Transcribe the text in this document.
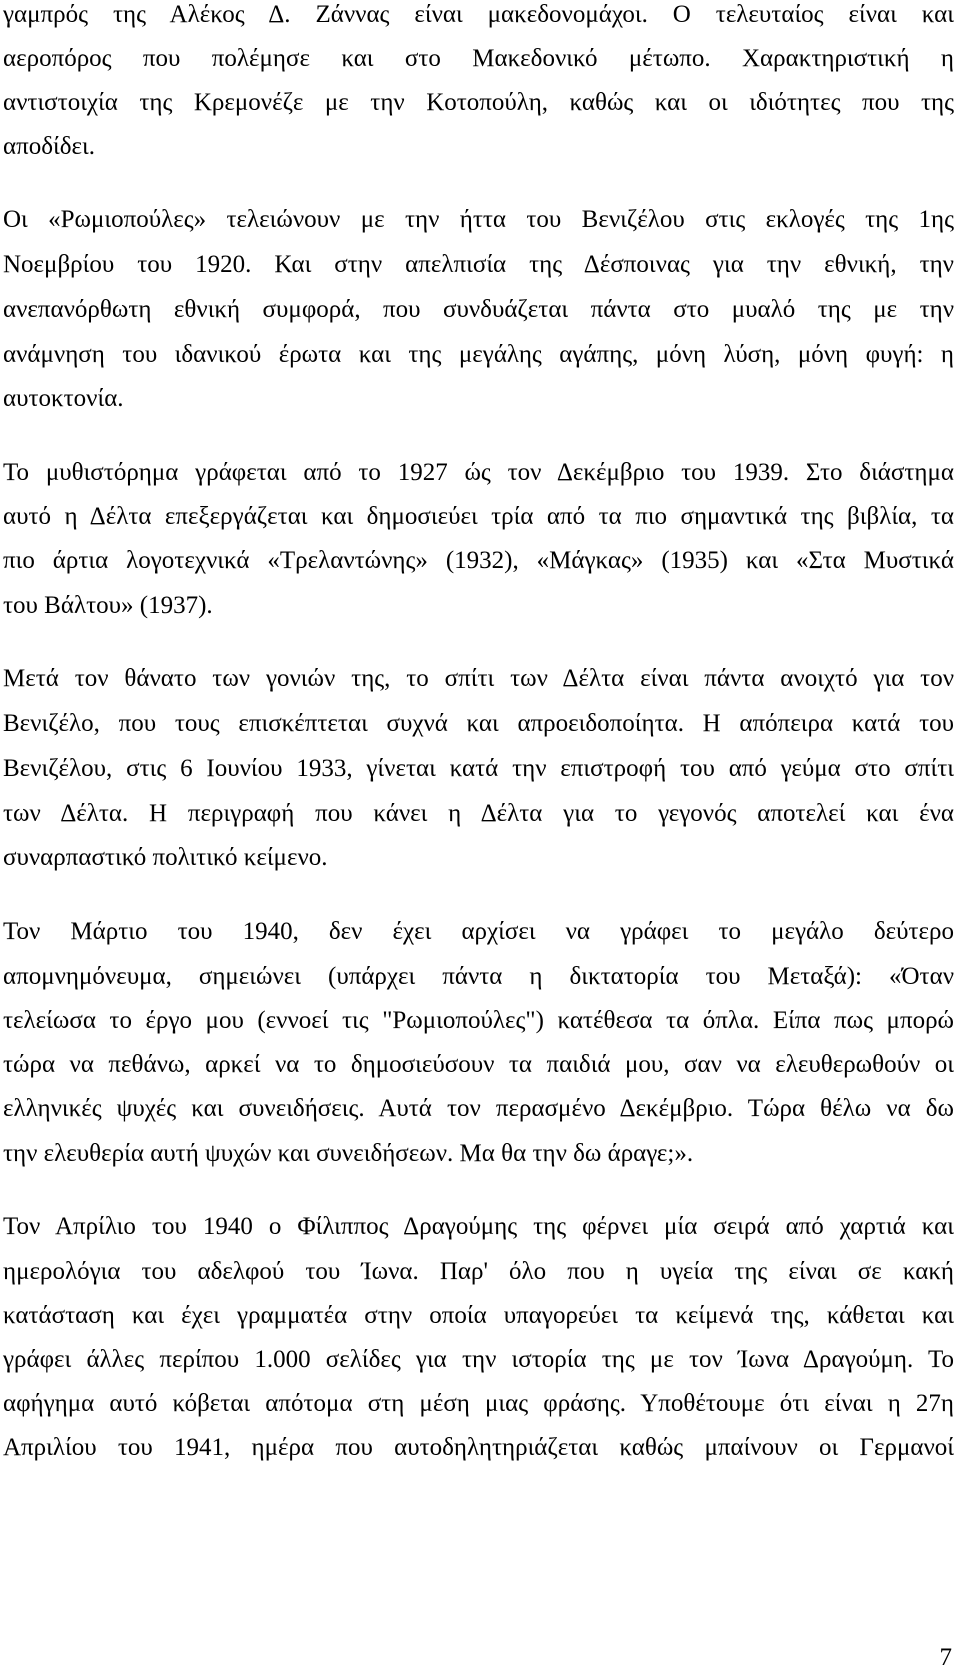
γαμπρός της Αλέκος Δ. Ζάννας είναι μακεδονομάχοι. Ο τελευταίος είναι και
αεροπόρος που πολέμησε και στο Μακεδονικό μέτωπο. Χαρακτηριστική η
αντιστοιχία της Κρεμονέζε με την Κοτοπούλη, καθώς και οι ιδιότητες που της
αποδίδει.
Οι «Ρωμιοπούλες» τελειώνουν με την ήττα του Βενιζέλου στις εκλογές της 1ης
Νοεμβρίου του 1920. Και στην απελπισία της Δέσποινας για την εθνική, την
ανεπανόρθωτη εθνική συμφορά, που συνδυάζεται πάντα στο μυαλό της με την
ανάμνηση του ιδανικού έρωτα και της μεγάλης αγάπης, μόνη λύση, μόνη φυγή: η
αυτοκτονία.
Το μυθιστόρημα γράφεται από το 1927 ώς τον Δεκέμβριο του 1939. Στο διάστημα
αυτό η Δέλτα επεξεργάζεται και δημοσιεύει τρία από τα πιο σημαντικά της βιβλία, τα
πιο άρτια λογοτεχνικά «Τρελαντώνης» (1932), «Μάγκας» (1935) και «Στα Μυστικά
του Βάλτου» (1937).
Μετά τον θάνατο των γονιών της, το σπίτι των Δέλτα είναι πάντα ανοιχτό για τον
Βενιζέλο, που τους επισκέπτεται συχνά και απροειδοποίητα. Η απόπειρα κατά του
Βενιζέλου, στις 6 Ιουνίου 1933, γίνεται κατά την επιστροφή του από γεύμα στο σπίτι
των Δέλτα. Η περιγραφή που κάνει η Δέλτα για το γεγονός αποτελεί και ένα
συναρπαστικό πολιτικό κείμενο.
Τον Μάρτιο του 1940, δεν έχει αρχίσει να γράφει το μεγάλο δεύτερο
απομνημόνευμα, σημειώνει (υπάρχει πάντα η δικτατορία του Μεταξά): «Όταν
τελείωσα το έργο μου (εννοεί τις "Ρωμιοπούλες") κατέθεσα τα όπλα. Είπα πως μπορώ
τώρα να πεθάνω, αρκεί να το δημοσιεύσουν τα παιδιά μου, σαν να ελευθερωθούν οι
ελληνικές ψυχές και συνειδήσεις. Αυτά τον περασμένο Δεκέμβριο. Τώρα θέλω να δω
την ελευθερία αυτή ψυχών και συνειδήσεων. Μα θα την δω άραγε;».
Τον Απρίλιο του 1940 ο Φίλιππος Δραγούμης της φέρνει μία σειρά από χαρτιά και
ημερολόγια του αδελφού του Ίωνα. Παρ' όλο που η υγεία της είναι σε κακή
κατάσταση και έχει γραμματέα στην οποία υπαγορεύει τα κείμενά της, κάθεται και
γράφει άλλες περίπου 1.000 σελίδες για την ιστορία της με τον Ίωνα Δραγούμη. Το
αφήγημα αυτό κόβεται απότομα στη μέση μιας φράσης. Υποθέτουμε ότι είναι η 27η
Απριλίου του 1941, ημέρα που αυτοδηλητηριάζεται καθώς μπαίνουν οι Γερμανοί
7
